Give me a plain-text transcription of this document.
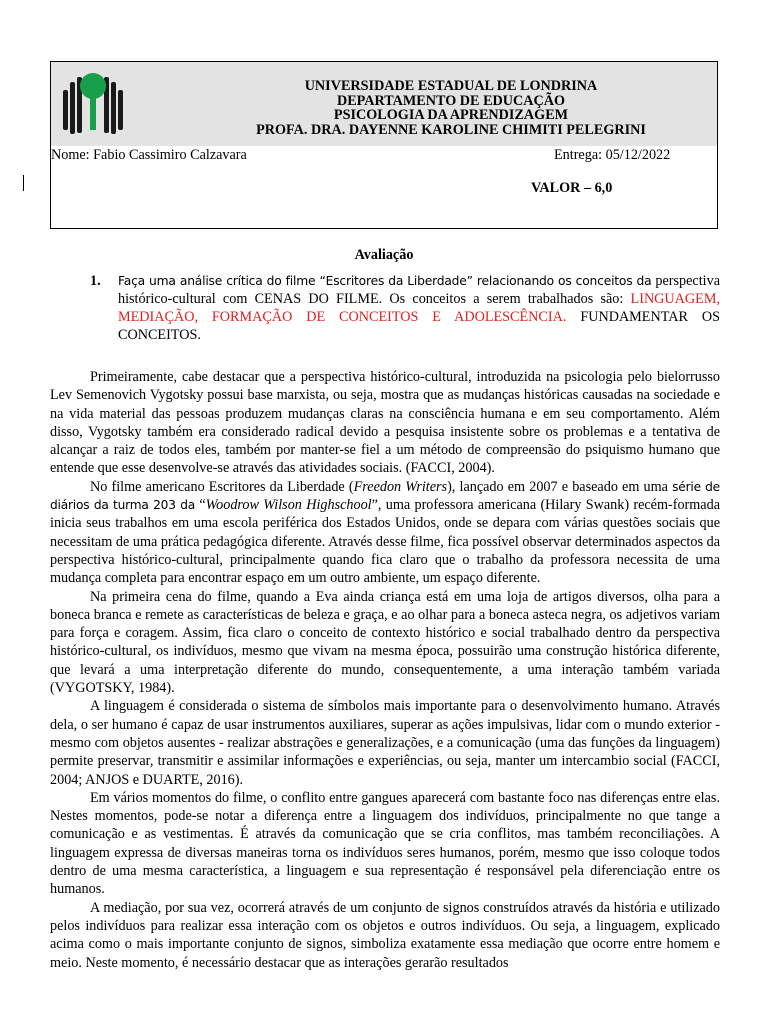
UNIVERSIDADE ESTADUAL DE LONDRINA
DEPARTAMENTO DE EDUCAÇÃO
PSICOLOGIA DA APRENDIZAGEM
PROFA. DRA. DAYENNE KAROLINE CHIMITI PELEGRINI
Nome: Fabio Cassimiro Calzavara	Entrega: 05/12/2022
VALOR – 6,0
Avaliação
1. Faça uma análise crítica do filme “Escritores da Liberdade” relacionando os conceitos da perspectiva histórico-cultural com CENAS DO FILME. Os conceitos a serem trabalhados são: LINGUAGEM, MEDIAÇÃO, FORMAÇÃO DE CONCEITOS E ADOLESCÊNCIA. FUNDAMENTAR OS CONCEITOS.

Primeiramente, cabe destacar que a perspectiva histórico-cultural, introduzida na psicologia pelo bielorrusso Lev Semenovich Vygotsky possui base marxista, ou seja, mostra que as mudanças históricas causadas na sociedade e na vida material das pessoas produzem mudanças claras na consciência humana e em seu comportamento. Além disso, Vygotsky também era considerado radical devido a pesquisa insistente sobre os problemas e a tentativa de alcançar a raiz de todos eles, também por manter-se fiel a um método de compreensão do psiquismo humano que entende que esse desenvolve-se através das atividades sociais. (FACCI, 2004).

No filme americano Escritores da Liberdade (Freedon Writers), lançado em 2007 e baseado em uma série de diários da turma 203 da “Woodrow Wilson Highschool”, uma professora americana (Hilary Swank) recém-formada inicia seus trabalhos em uma escola periférica dos Estados Unidos, onde se depara com várias questões sociais que necessitam de uma prática pedagógica diferente. Através desse filme, fica possível observar determinados aspectos da perspectiva histórico-cultural, principalmente quando fica claro que o trabalho da professora necessita de uma mudança completa para encontrar espaço em um outro ambiente, um espaço diferente.

Na primeira cena do filme, quando a Eva ainda criança está em uma loja de artigos diversos, olha para a boneca branca e remete as características de beleza e graça, e ao olhar para a boneca asteca negra, os adjetivos variam para força e coragem. Assim, fica claro o conceito de contexto histórico e social trabalhado dentro da perspectiva histórico-cultural, os indivíduos, mesmo que vivam na mesma época, possuirão uma construção histórica diferente, que levará a uma interpretação diferente do mundo, consequentemente, a uma interação também variada (VYGOTSKY, 1984).

A linguagem é considerada o sistema de símbolos mais importante para o desenvolvimento humano. Através dela, o ser humano é capaz de usar instrumentos auxiliares, superar as ações impulsivas, lidar com o mundo exterior - mesmo com objetos ausentes - realizar abstrações e generalizações, e a comunicação (uma das funções da linguagem) permite preservar, transmitir e assimilar informações e experiências, ou seja, manter um intercambio social (FACCI, 2004; ANJOS e DUARTE, 2016).

Em vários momentos do filme, o conflito entre gangues aparecerá com bastante foco nas diferenças entre elas. Nestes momentos, pode-se notar a diferença entre a linguagem dos indivíduos, principalmente no que tange a comunicação e as vestimentas. É através da comunicação que se cria conflitos, mas também reconciliações. A linguagem expressa de diversas maneiras torna os indivíduos seres humanos, porém, mesmo que isso coloque todos dentro de uma mesma característica, a linguagem e sua representação é responsável pela diferenciação entre os humanos.

A mediação, por sua vez, ocorrerá através de um conjunto de signos construídos através da história e utilizado pelos indivíduos para realizar essa interação com os objetos e outros indivíduos. Ou seja, a linguagem, explicado acima como o mais importante conjunto de signos, simboliza exatamente essa mediação que ocorre entre homem e meio. Neste momento, é necessário destacar que as interações gerarão resultados
